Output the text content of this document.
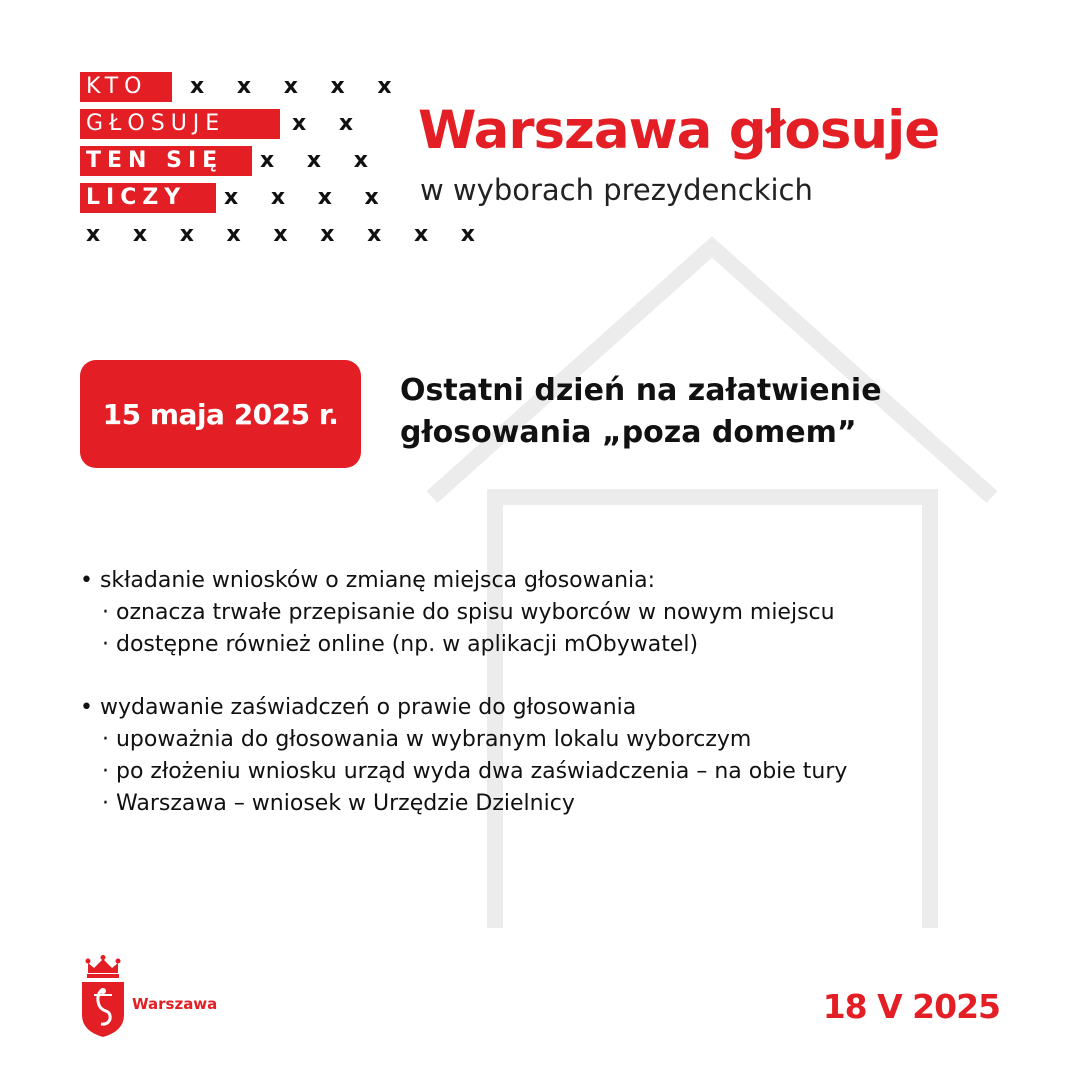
KTO	x x x x x
GŁOSUJE	x x
TEN SIĘ	x x x
LICZY	x x x x
x x x x x x x x x
Warszawa głosuje
w wyborach prezydenckich
15 maja 2025 r.
Ostatni dzień na załatwienie
głosowania „poza domem”
• składanie wniosków o zmianę miejsca głosowania:
· oznacza trwałe przepisanie do spisu wyborców w nowym miejscu
· dostępne również online (np. w aplikacji mObywatel)
• wydawanie zaświadczeń o prawie do głosowania
· upoważnia do głosowania w wybranym lokalu wyborczym
· po złożeniu wniosku urząd wyda dwa zaświadczenia – na obie tury
· Warszawa – wniosek w Urzędzie Dzielnicy
Warszawa	18 V 2025
